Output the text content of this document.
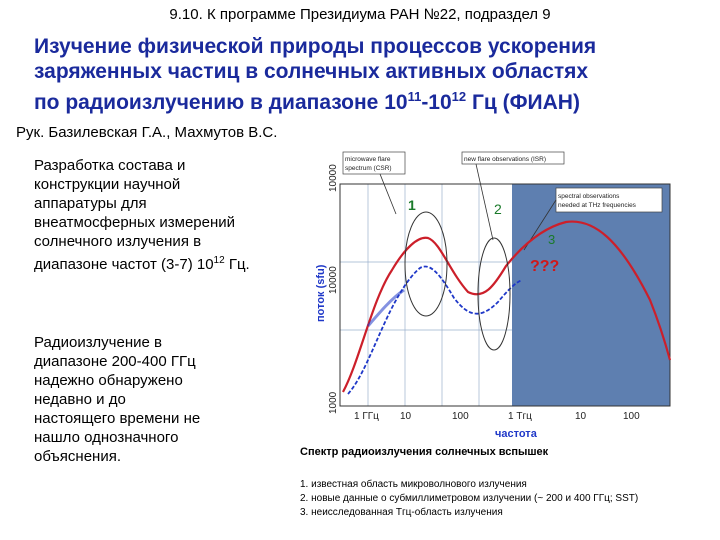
9.10. К программе Президиума РАН №22, подраздел 9
Изучение физической природы процессов ускорения
заряженных частиц в солнечных активных областях
по радиоизлучению в диапазоне $10^{11}-10^{12}$ Гц (ФИАН)
Рук. Базилевская Г.А., Махмутов В.С.
Разработка состава и
конструкции научной
аппаратуры для
внеатмосферных измерений
солнечного излучения в
диапазоне частот (3-7) $10^{12}$ Гц.
Радиоизлучение в
диапазоне 200-400 ГГц
надежно обнаружено
недавно и до
настоящего времени не
нашло однозначного
объяснения.
поток (sfu)
10000
10000
1000
1 ГГц 10	100	1 Тгц	10	100
частота
microwave flare
spectrum (CSR)
new flare observations (ISR)
spectral observations
needed at THz frequencies
1	2
3
???
Спектр радиоизлучения солнечных вспышек
1. известная область микроволнового излучения
2. новые данные о субмиллиметровом излучении (~ 200 и 400 ГГц; SST)
3. неисследованная Тгц-область излучения
